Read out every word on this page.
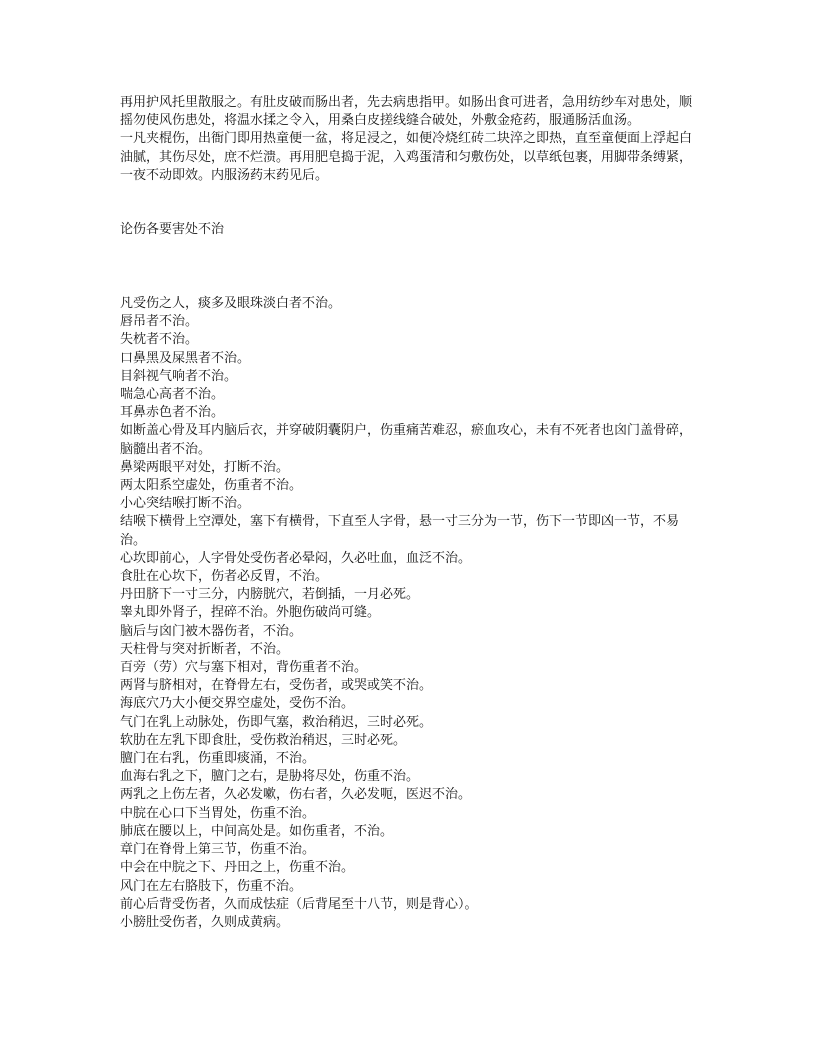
再用护风托里散服之。有肚皮破而肠出者，先去病患指甲。如肠出食可进者，急用纺纱车对患处，顺摇勿使风伤患处，将温水揉之令入，用桑白皮搓线缝合破处，外敷金疮药，服通肠活血汤。

一凡夹棍伤，出衙门即用热童便一盆，将足浸之，如便冷烧红砖二块淬之即热，直至童便面上浮起白油腻，其伤尽处，庶不烂溃。再用肥皂捣于泥，入鸡蛋清和匀敷伤处，以草纸包裹，用脚带条缚紧，一夜不动即效。内服汤药末药见后。

论伤各要害处不治

凡受伤之人，痰多及眼珠淡白者不治。

唇吊者不治。

失枕者不治。

口鼻黑及屎黑者不治。

目斜视气响者不治。

喘急心高者不治。

耳鼻赤色者不治。

如断盖心骨及耳内脑后衣，并穿破阴囊阴户，伤重痛苦难忍，瘀血攻心，未有不死者也囟门盖骨碎，脑髓出者不治。

鼻梁两眼平对处，打断不治。

两太阳系空虚处，伤重者不治。

小心突结喉打断不治。

结喉下横骨上空潭处，塞下有横骨，下直至人字骨，悬一寸三分为一节，伤下一节即凶一节，不易治。

心坎即前心，人字骨处受伤者必晕闷，久必吐血，血泛不治。

食肚在心坎下，伤者必反胃，不治。

丹田脐下一寸三分，内膀胱穴，若倒插，一月必死。

睾丸即外肾子，捏碎不治。外胞伤破尚可缝。

脑后与囟门被木器伤者，不治。

天柱骨与突对折断者，不治。

百旁（劳）穴与塞下相对，背伤重者不治。

两肾与脐相对，在脊骨左右，受伤者，或哭或笑不治。

海底穴乃大小便交界空虚处，受伤不治。

气门在乳上动脉处，伤即气塞，救治稍迟，三时必死。

软肋在左乳下即食肚，受伤救治稍迟，三时必死。

膻门在右乳，伤重即痰涌，不治。

血海右乳之下，膻门之右，是胁将尽处，伤重不治。

两乳之上伤左者，久必发嗽，伤右者，久必发呃，医迟不治。

中脘在心口下当胃处，伤重不治。

肺底在腰以上，中间高处是。如伤重者，不治。

章门在脊骨上第三节，伤重不治。

中会在中脘之下、丹田之上，伤重不治。

风门在左右胳肢下，伤重不治。

前心后背受伤者，久而成怯症（后背尾至十八节，则是背心）。

小膀肚受伤者，久则成黄病。
